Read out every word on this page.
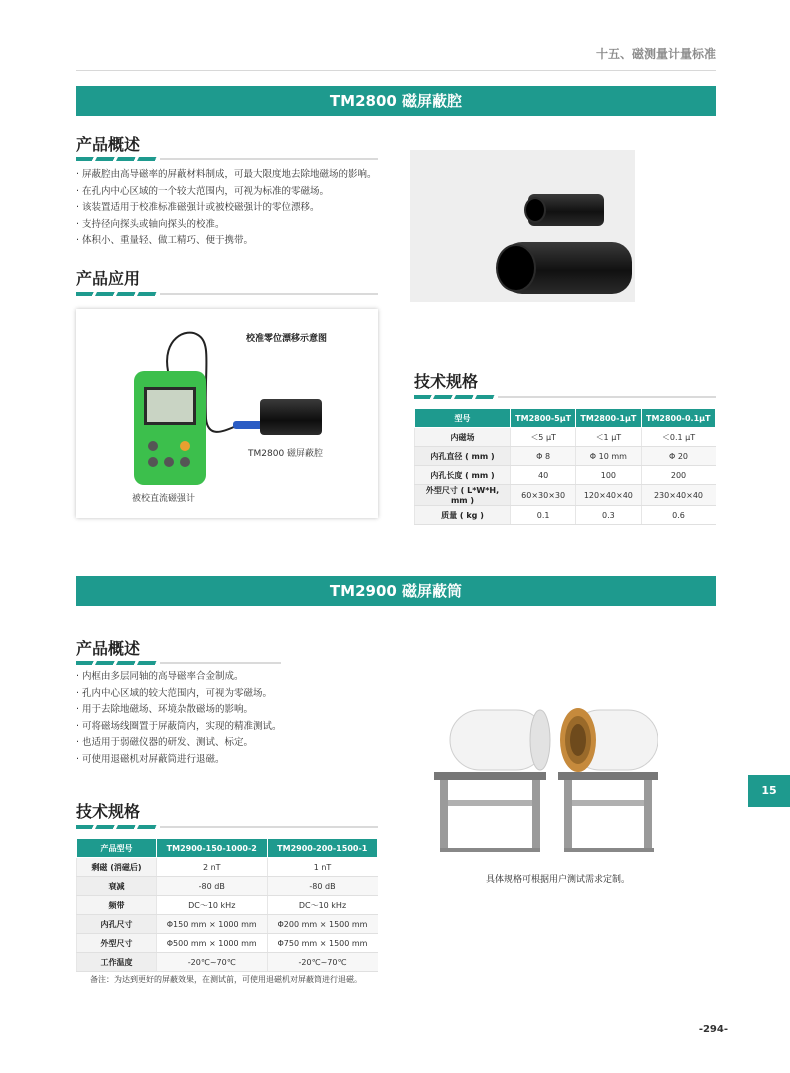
十五、磁测量计量标准
TM2800 磁屏蔽腔
产品概述
· 屏蔽腔由高导磁率的屏蔽材料制成，可最大限度地去除地磁场的影响。
· 在孔内中心区域的一个较大范围内，可视为标准的零磁场。
· 该装置适用于校准标准磁强计或被校磁强计的零位漂移。
· 支持径向探头或轴向探头的校准。
· 体积小、重量轻、做工精巧、便于携带。
产品应用
校准零位漂移示意图
TM2800 磁屏蔽腔
被校直流磁强计
技术规格
型号	TM2800-5μT	TM2800-1μT	TM2800-0.1μT
内磁场	＜5 μT	＜1 μT	＜0.1 μT
内孔直径 ( mm )	Φ 8	Φ 10 mm	Φ 20
内孔长度 ( mm )	40	100	200
外型尺寸 ( L*W*H, mm )	60×30×30	120×40×40	230×40×40
质量 ( kg )	0.1	0.3	0.6
TM2900 磁屏蔽筒
产品概述
· 内框由多层同轴的高导磁率合金制成。
· 孔内中心区域的较大范围内，可视为零磁场。
· 用于去除地磁场、环境杂散磁场的影响。
· 可将磁场线圈置于屏蔽筒内，实现的精准测试。
· 也适用于弱磁仪器的研发、测试、标定。
· 可使用退磁机对屏蔽筒进行退磁。
具体规格可根据用户测试需求定制。
技术规格
产品型号	TM2900-150-1000-2	TM2900-200-1500-1
剩磁 (消磁后)	2 nT	1 nT
衰减	-80 dB	-80 dB
频带	DC～10 kHz	DC～10 kHz
内孔尺寸	Φ150 mm × 1000 mm	Φ200 mm × 1500 mm
外型尺寸	Φ500 mm × 1000 mm	Φ750 mm × 1500 mm
工作温度	-20℃~70℃	-20℃~70℃
备注：为达到更好的屏蔽效果，在测试前，可使用退磁机对屏蔽筒进行退磁。
15
-294-
